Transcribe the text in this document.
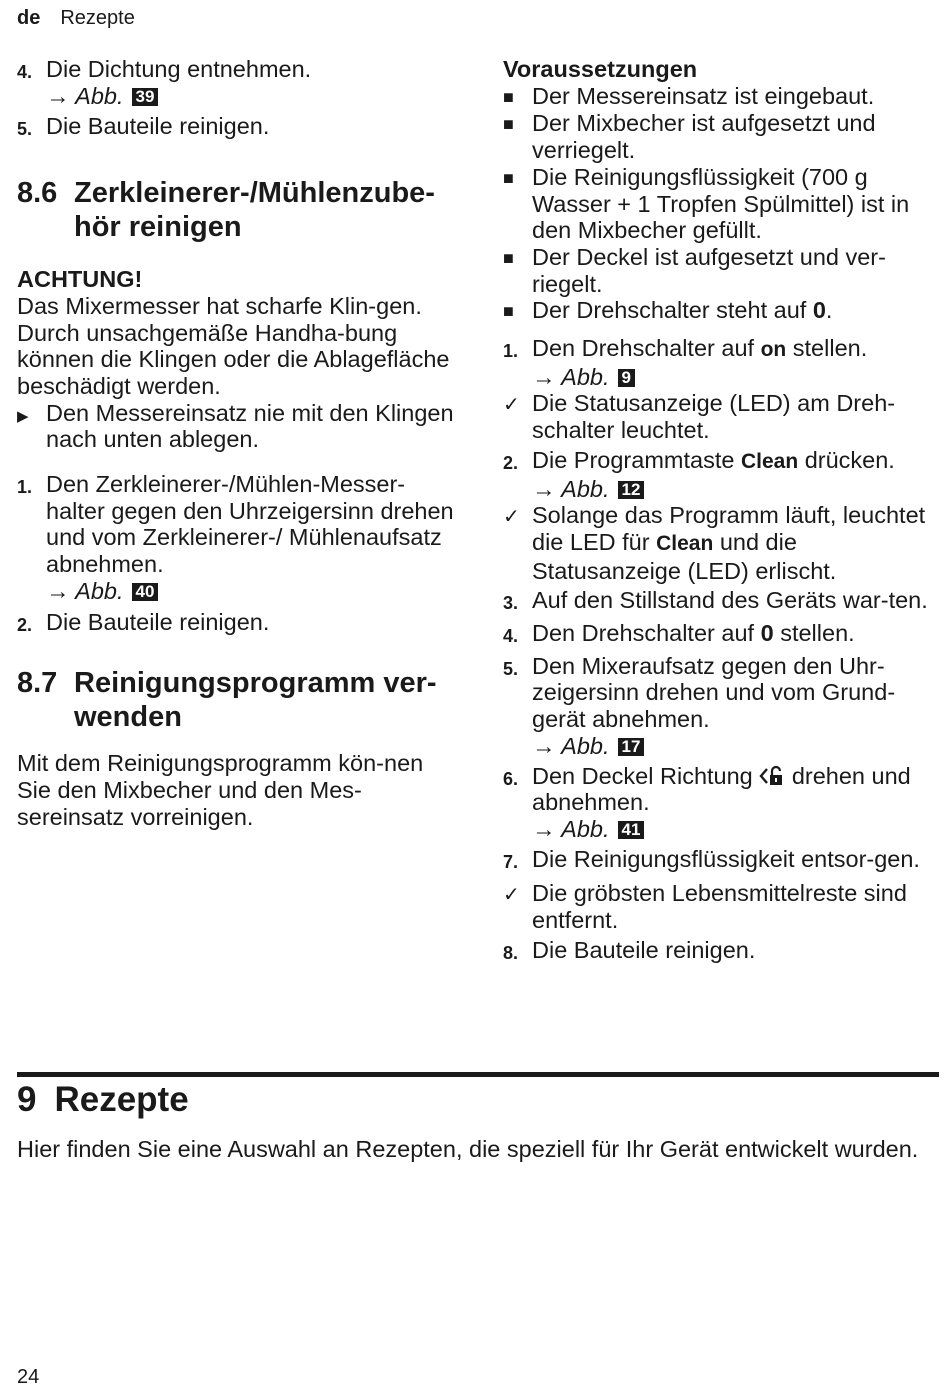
de Rezepte
4. Die Dichtung entnehmen.
→ Abb. 39
5. Die Bauteile reinigen.
8.6 Zerkleinerer-/Mühlenzube-
hör reinigen
ACHTUNG!
Das Mixermesser hat scharfe Klin-gen. Durch unsachgemäße Handha-bung können die Klingen oder die Ablagefläche beschädigt werden.
▶ Den Messereinsatz nie mit den Klingen nach unten ablegen.
1. Den Zerkleinerer-/Mühlen-Messer-halter gegen den Uhrzeigersinn drehen und vom Zerkleinerer-/ Mühlenaufsatz abnehmen.
→ Abb. 40
2. Die Bauteile reinigen.
8.7 Reinigungsprogramm ver-
wenden
Mit dem Reinigungsprogramm kön-nen Sie den Mixbecher und den Mes-sereinsatz vorreinigen.
Voraussetzungen
■ Der Messereinsatz ist eingebaut.
■ Der Mixbecher ist aufgesetzt und verriegelt.
■ Die Reinigungsflüssigkeit (700 g Wasser + 1 Tropfen Spülmittel) ist in den Mixbecher gefüllt.
■ Der Deckel ist aufgesetzt und ver-riegelt.
■ Der Drehschalter steht auf 0.
1. Den Drehschalter auf on stellen.
→ Abb. 9
✓ Die Statusanzeige (LED) am Dreh-schalter leuchtet.
2. Die Programmtaste Clean drücken.
→ Abb. 12
✓ Solange das Programm läuft, leuchtet die LED für Clean und die Statusanzeige (LED) erlischt.
3. Auf den Stillstand des Geräts war-ten.
4. Den Drehschalter auf 0 stellen.
5. Den Mixeraufsatz gegen den Uhr-zeigersinn drehen und vom Grund-gerät abnehmen.
→ Abb. 17
6. Den Deckel Richtung drehen und abnehmen.
→ Abb. 41
7. Die Reinigungsflüssigkeit entsor-gen.
✓ Die gröbsten Lebensmittelreste sind entfernt.
8. Die Bauteile reinigen.
9 Rezepte
Hier finden Sie eine Auswahl an Rezepten, die speziell für Ihr Gerät entwickelt wurden.
24
